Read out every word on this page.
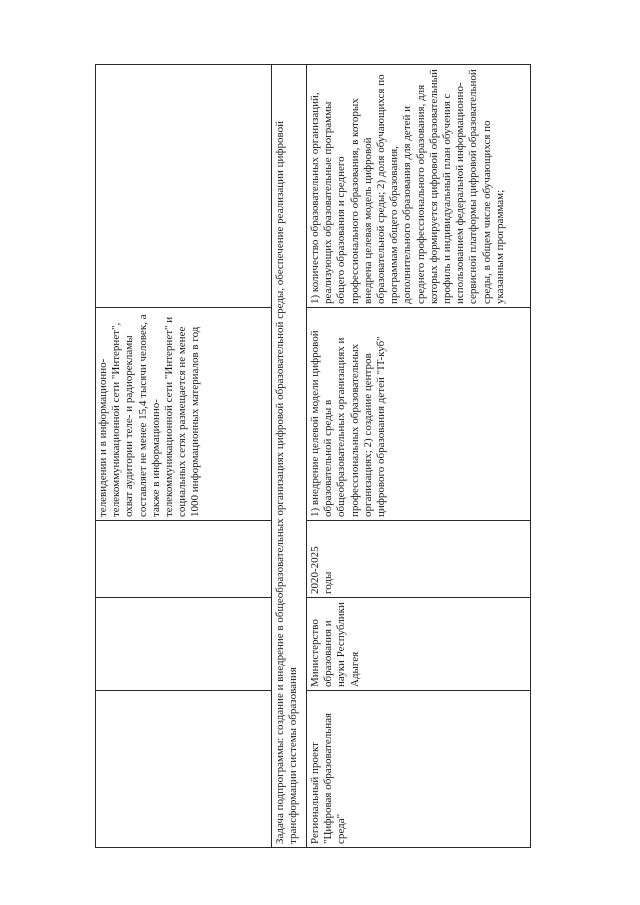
телевидении и в информационно-телекоммуникационной сети "Интернет", охват аудитории теле- и радиорекламы составляет не менее 15,4 тысячи человек, а также в информационно-телекоммуникационной сети "Интернет" и социальных сетях размещается не менее 1000 информационных материалов в год	Задача подпрограммы: создание и внедрение в общеобразовательных организациях цифровой образовательной среды, обеспечение реализации цифровой трансформации системы образования Региональный проект "Цифровая образовательная среда"

Министерство образования и науки Республики Адыгея

2020-2025 годы

1) внедрение целевой модели цифровой образовательной среды в общеобразовательных организациях и профессиональных образовательных организациях; 2) создание центров цифрового образования детей "IT-куб"

1) количество образовательных организаций, реализующих образовательные программы общего образования и среднего профессионального образования, в которых внедрена целевая модель цифровой образовательной среды; 2) доля обучающихся по программам общего образования, дополнительного образования для детей и среднего профессионального образования, для которых формируется цифровой образовательный профиль и индивидуальный план обучения с использованием федеральной информационно-сервисной платформы цифровой образовательной среды, в общем числе обучающихся по указанным программам;
